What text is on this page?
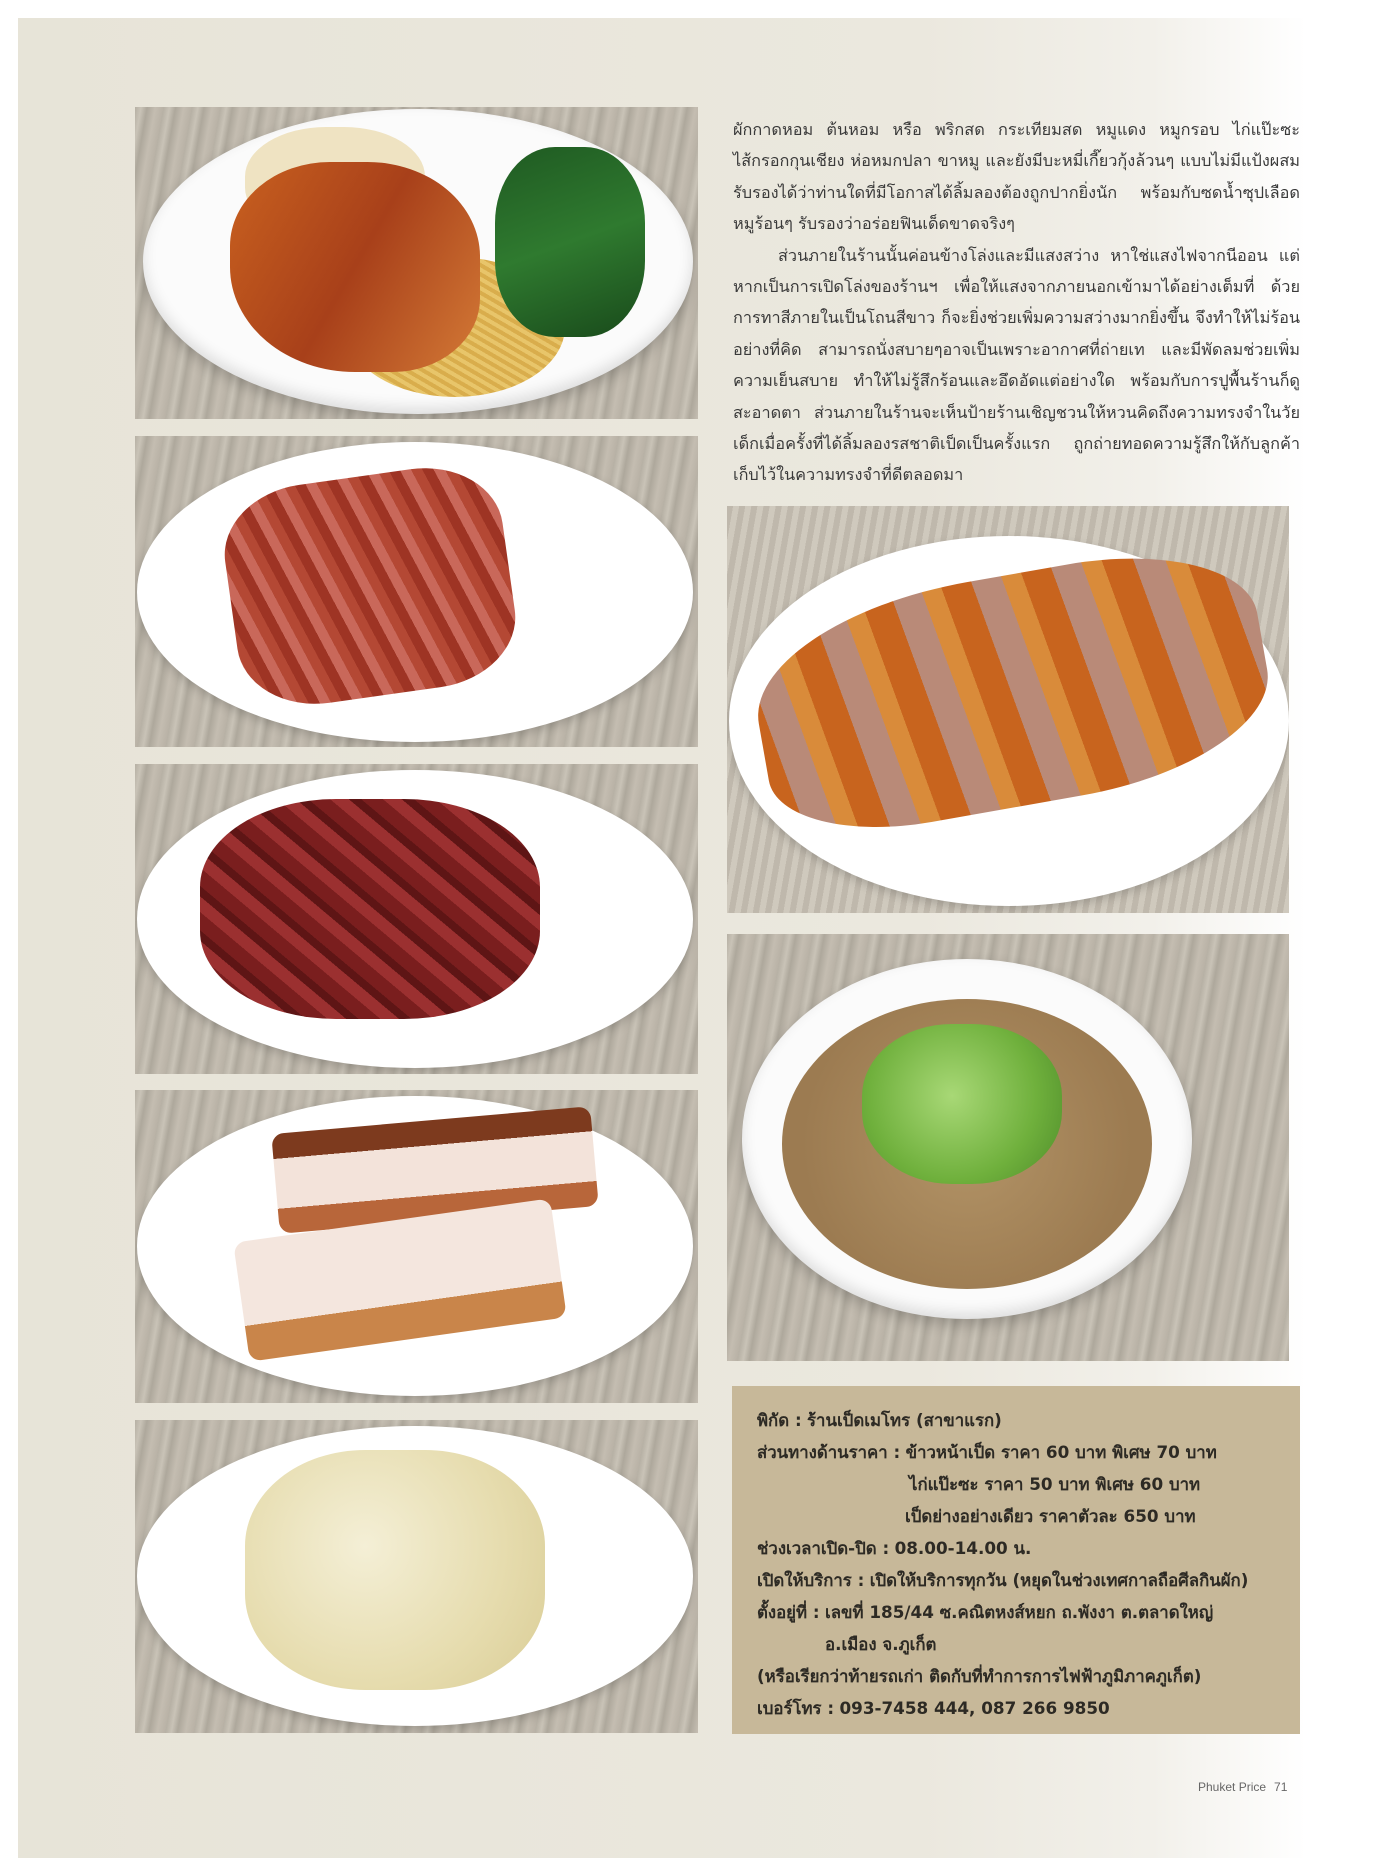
ผักกาดหอม ต้นหอม หรือ พริกสด กระเทียมสด หมูแดง หมูกรอบ ไก่แป๊ะซะ ไส้กรอกกุนเชียง ห่อหมกปลา ขาหมู และยังมีบะหมี่เกี๊ยวกุ้งล้วนๆ แบบไม่มีแป้งผสม รับรองได้ว่าท่านใดที่มีโอกาสได้ลิ้มลองต้องถูกปากยิ่งนัก พร้อมกับซดน้ำซุปเลือดหมูร้อนๆ รับรองว่าอร่อยฟินเด็ดขาดจริงๆ

ส่วนภายในร้านนั้นค่อนข้างโล่งและมีแสงสว่าง หาใช่แสงไฟจากนีออน แต่หากเป็นการเปิดโล่งของร้านฯ เพื่อให้แสงจากภายนอกเข้ามาได้อย่างเต็มที่ ด้วยการทาสีภายในเป็นโถนสีขาว ก็จะยิ่งช่วยเพิ่มความสว่างมากยิ่งขึ้น จึงทำให้ไม่ร้อนอย่างที่คิด สามารถนั่งสบายๆอาจเป็นเพราะอากาศที่ถ่ายเท และมีพัดลมช่วยเพิ่มความเย็นสบาย ทำให้ไม่รู้สึกร้อนและอึดอัดแต่อย่างใด พร้อมกับการปูพื้นร้านก็ดูสะอาดตา ส่วนภายในร้านจะเห็นป้ายร้านเชิญชวนให้หวนคิดถึงความทรงจำในวัยเด็กเมื่อครั้งที่ได้ลิ้มลองรสชาติเป็ดเป็นครั้งแรก ถูกถ่ายทอดความรู้สึกให้กับลูกค้าเก็บไว้ในความทรงจำที่ดีตลอดมา

พิกัด : ร้านเป็ดเมโทร (สาขาแรก)
ส่วนทางด้านราคา : ข้าวหน้าเป็ด ราคา 60 บาท พิเศษ 70 บาท
ไก่แป๊ะซะ ราคา 50 บาท พิเศษ 60 บาท
เป็ดย่างอย่างเดียว ราคาตัวละ 650 บาท
ช่วงเวลาเปิด-ปิด : 08.00-14.00 น.
เปิดให้บริการ : เปิดให้บริการทุกวัน (หยุดในช่วงเทศกาลถือศีลกินผัก)
ตั้งอยู่ที่ : เลขที่ 185/44 ซ.คณิตหงส์หยก ถ.พังงา ต.ตลาดใหญ่
อ.เมือง จ.ภูเก็ต
(หรือเรียกว่าท้ายรถเก่า ติดกับที่ทำการการไฟฟ้าภูมิภาคภูเก็ต)
เบอร์โทร : 093-7458 444, 087 266 9850
Phuket Price 71
